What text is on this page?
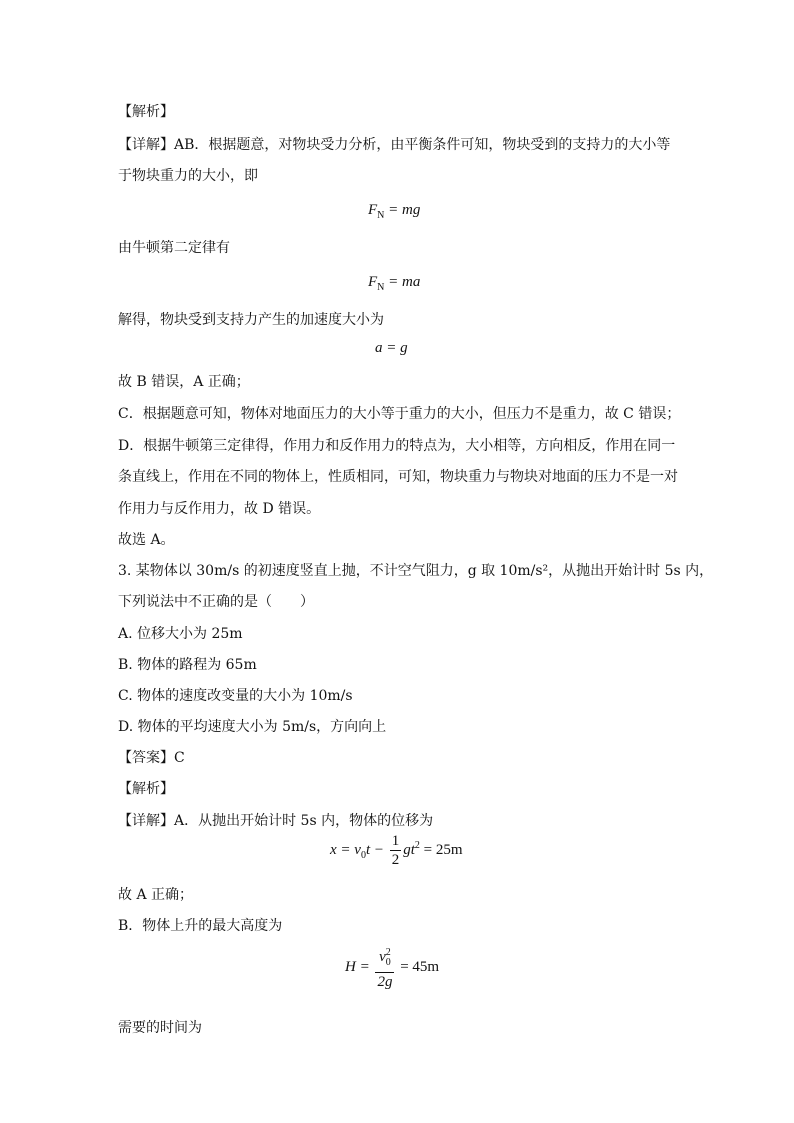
【解析】
【详解】AB．根据题意，对物块受力分析，由平衡条件可知，物块受到的支持力的大小等
于物块重力的大小，即
$F_N$ = mg
由牛顿第二定律有
$F_N$ = ma
解得，物块受到支持力产生的加速度大小为
a = g
故 B 错误，A 正确；
C．根据题意可知，物体对地面压力的大小等于重力的大小，但压力不是重力，故 C 错误；
D．根据牛顿第三定律得，作用力和反作用力的特点为，大小相等，方向相反，作用在同一
条直线上，作用在不同的物体上，性质相同，可知，物块重力与物块对地面的压力不是一对
作用力与反作用力，故 D 错误。
故选 A。
3. 某物体以 30m/s 的初速度竖直上抛，不计空气阻力，g 取 10m/s²，从抛出开始计时 5s 内，
下列说法中不正确的是（　　）
A. 位移大小为 25m
B. 物体的路程为 65m
C. 物体的速度改变量的大小为 10m/s
D. 物体的平均速度大小为 5m/s，方向向上
【答案】C
【解析】
【详解】A．从抛出开始计时 5s 内，物体的位移为
$x = v_0t - \frac{1}{2} gt^2 = 25m$
故 A 正确；
B．物体上升的最大高度为
$H = \frac{v_0^2}{2g} = 45m$
需要的时间为
